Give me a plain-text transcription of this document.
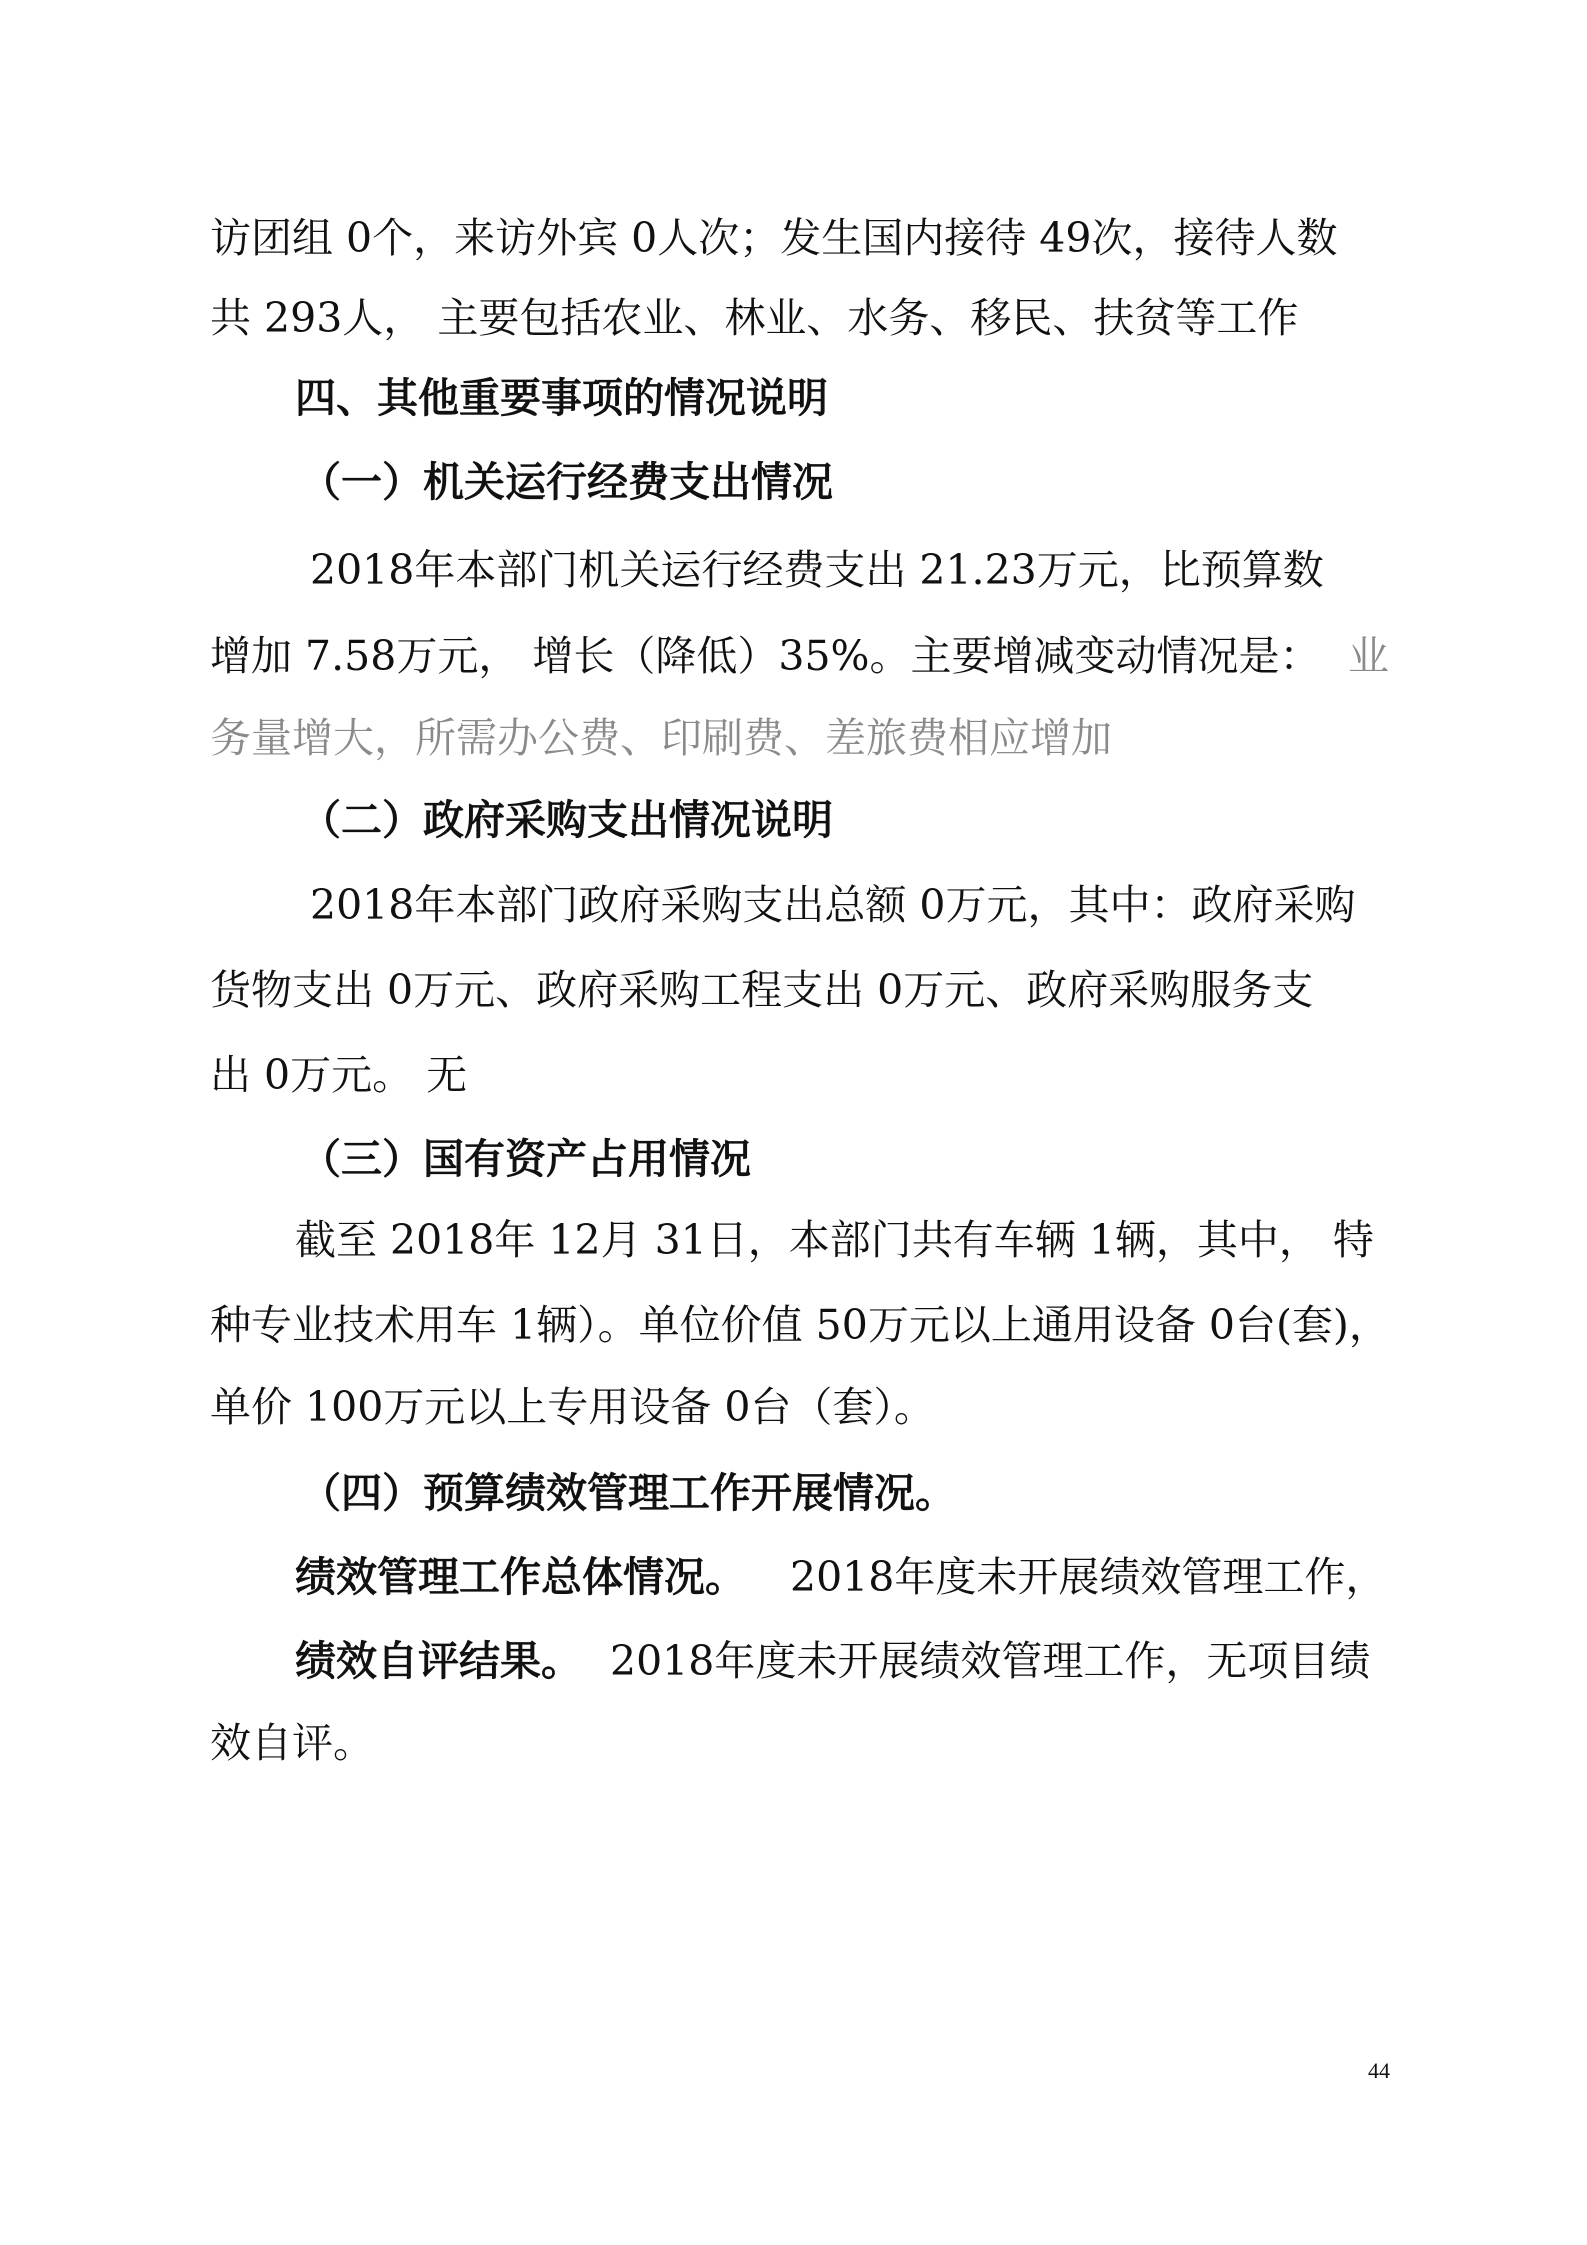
访团组 0个，来访外宾 0人次；发生国内接待 49次，接待人数
共 293人， 主要包括农业、林业、水务、移民、扶贫等工作
四、其他重要事项的情况说明
（一）机关运行经费支出情况
2018年本部门机关运行经费支出 21.23万元，比预算数
增加 7.58万元， 增长（降低）35%。主要增减变动情况是： 业
务量增大，所需办公费、印刷费、差旅费相应增加
（二）政府采购支出情况说明
2018年本部门政府采购支出总额 0万元，其中：政府采购
货物支出 0万元、政府采购工程支出 0万元、政府采购服务支
出 0万元。 无
（三）国有资产占用情况
截至 2018年 12月 31日，本部门共有车辆 1辆，其中， 特
种专业技术用车 1辆）。单位价值 50万元以上通用设备 0台(套)，
单价 100万元以上专用设备 0台（套）。
（四）预算绩效管理工作开展情况。
绩效管理工作总体情况。 2018年度未开展绩效管理工作，
绩效自评结果。 2018年度未开展绩效管理工作，无项目绩
效自评。
44
